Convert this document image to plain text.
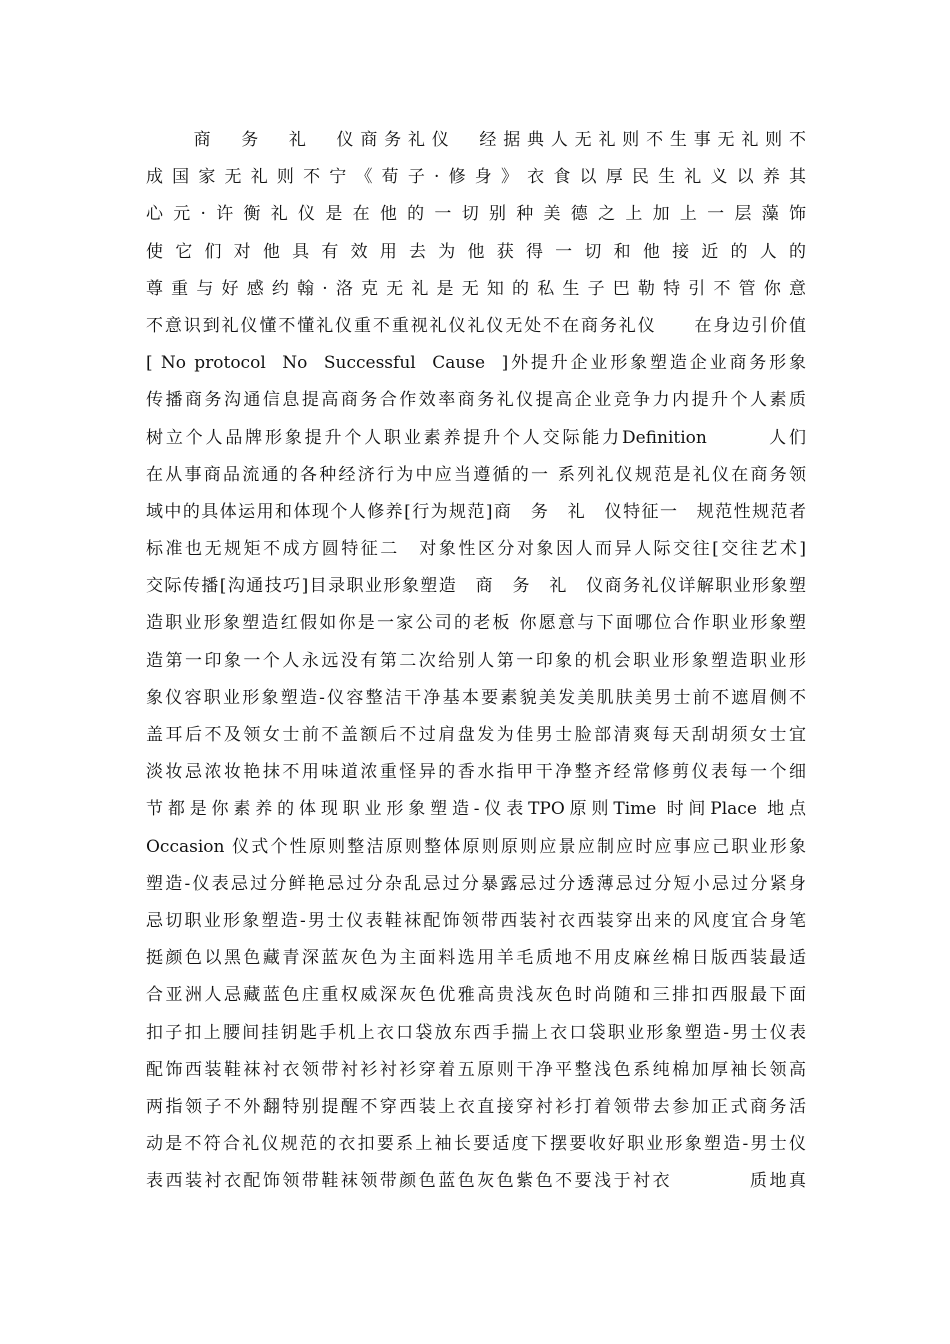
　　商　务　礼　仪商务礼仪　经据典人无礼则不生事无礼则不
成国家无礼则不宁《荀子·修身》衣食以厚民生礼义以养其
心元·许衡礼仪是在他的一切别种美德之上加上一层藻饰
使它们对他具有效用去为他获得一切和他接近的人的
尊重与好感约翰·洛克无礼是无知的私生子巴勒特引不管你意
不意识到礼仪懂不懂礼仪重不重视礼仪礼仪无处不在商务礼仪　　在身边引价值
[ No protocol  No  Successful  Cause  ]外提升企业形象塑造企业商务形象
传播商务沟通信息提高商务合作效率商务礼仪提高企业竞争力内提升个人素质
树立个人品牌形象提升个人职业素养提升个人交际能力Definition　　　人们
在从事商品流通的各种经济行为中应当遵循的一 系列礼仪规范是礼仪在商务领
域中的具体运用和体现个人修养[行为规范]商　务　礼　仪特征一　规范性规范者
标准也无规矩不成方圆特征二　对象性区分对象因人而异人际交往[交往艺术]
交际传播[沟通技巧]目录职业形象塑造　商　务　礼　仪商务礼仪详解职业形象塑
造职业形象塑造红假如你是一家公司的老板 你愿意与下面哪位合作职业形象塑
造第一印象一个人永远没有第二次给别人第一印象的机会职业形象塑造职业形
象仪容职业形象塑造-仪容整洁干净基本要素貌美发美肌肤美男士前不遮眉侧不
盖耳后不及领女士前不盖额后不过肩盘发为佳男士脸部清爽每天刮胡须女士宜
淡妆忌浓妆艳抹不用味道浓重怪异的香水指甲干净整齐经常修剪仪表每一个细
节都是你素养的体现职业形象塑造-仪表TPO原则Time 时间Place 地点
Occasion 仪式个性原则整洁原则整体原则原则应景应制应时应事应己职业形象
塑造-仪表忌过分鲜艳忌过分杂乱忌过分暴露忌过分透薄忌过分短小忌过分紧身
忌切职业形象塑造-男士仪表鞋袜配饰领带西装衬衣西装穿出来的风度宜合身笔
挺颜色以黑色藏青深蓝灰色为主面料选用羊毛质地不用皮麻丝棉日版西装最适
合亚洲人忌藏蓝色庄重权威深灰色优雅高贵浅灰色时尚随和三排扣西服最下面
扣子扣上腰间挂钥匙手机上衣口袋放东西手揣上衣口袋职业形象塑造-男士仪表
配饰西装鞋袜衬衣领带衬衫衬衫穿着五原则干净平整浅色系纯棉加厚袖长领高
两指领子不外翻特别提醒不穿西装上衣直接穿衬衫打着领带去参加正式商务活
动是不符合礼仪规范的衣扣要系上袖长要适度下摆要收好职业形象塑造-男士仪
表西装衬衣配饰领带鞋袜领带颜色蓝色灰色紫色不要浅于衬衣　　　　质地真
